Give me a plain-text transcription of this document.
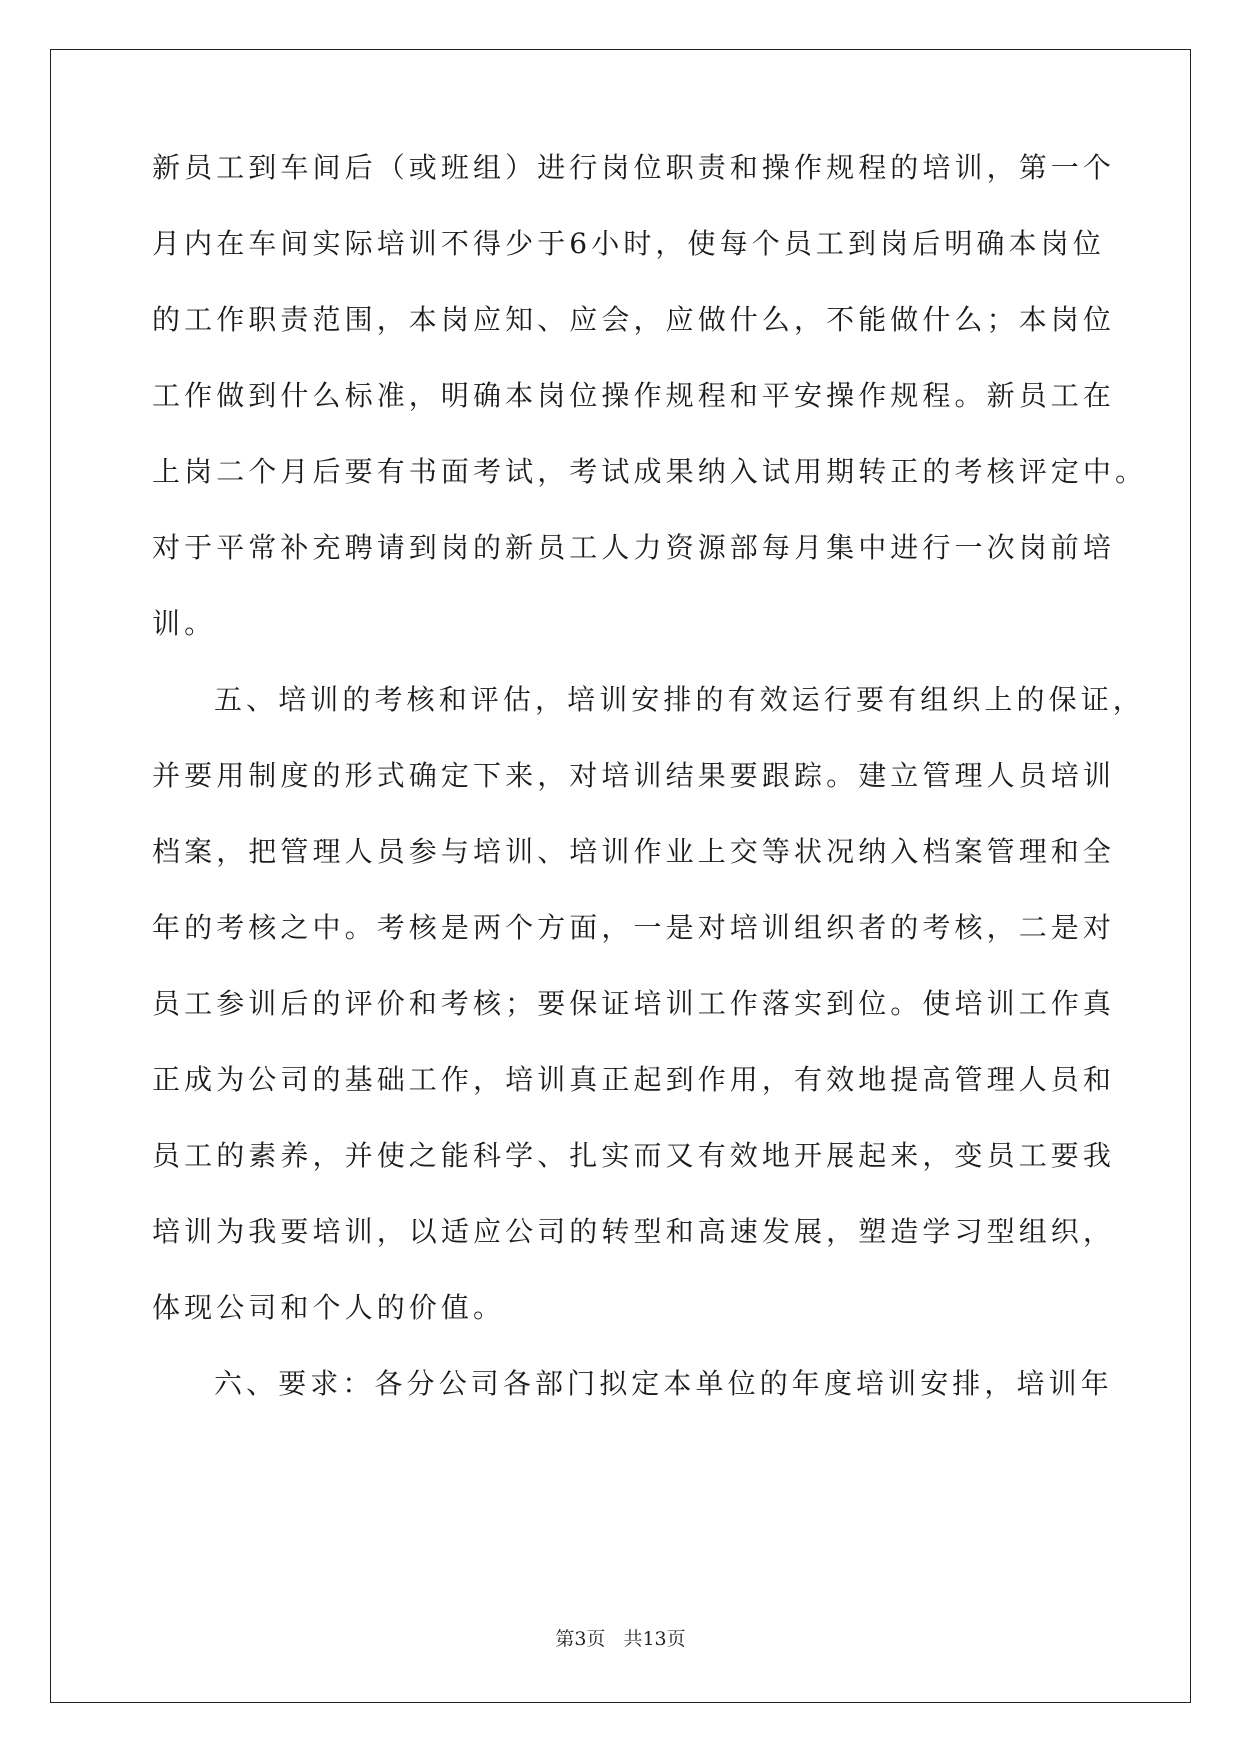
新员工到车间后（或班组）进行岗位职责和操作规程的培训，第一个
月内在车间实际培训不得少于6小时，使每个员工到岗后明确本岗位
的工作职责范围，本岗应知、应会，应做什么，不能做什么；本岗位
工作做到什么标准，明确本岗位操作规程和平安操作规程。新员工在
上岗二个月后要有书面考试，考试成果纳入试用期转正的考核评定中。
对于平常补充聘请到岗的新员工人力资源部每月集中进行一次岗前培
训。
五、培训的考核和评估，培训安排的有效运行要有组织上的保证，
并要用制度的形式确定下来，对培训结果要跟踪。建立管理人员培训
档案，把管理人员参与培训、培训作业上交等状况纳入档案管理和全
年的考核之中。考核是两个方面，一是对培训组织者的考核，二是对
员工参训后的评价和考核；要保证培训工作落实到位。使培训工作真
正成为公司的基础工作，培训真正起到作用，有效地提高管理人员和
员工的素养，并使之能科学、扎实而又有效地开展起来，变员工要我
培训为我要培训，以适应公司的转型和高速发展，塑造学习型组织，
体现公司和个人的价值。
六、要求：各分公司各部门拟定本单位的年度培训安排，培训年
第3页 共13页
